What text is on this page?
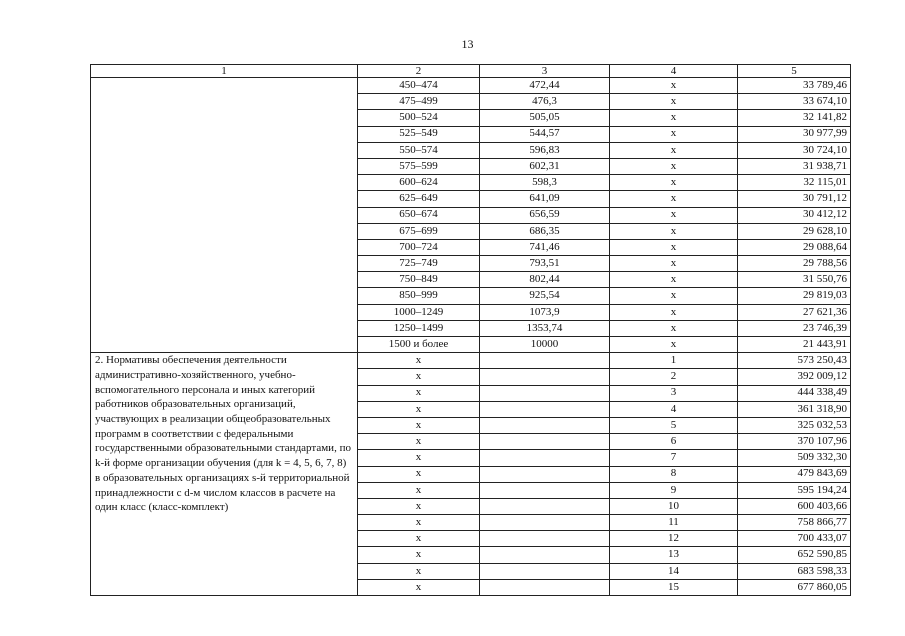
13
1	2	3	4	5
	450–474	472,44	x	33 789,46
	475–499	476,3	x	33 674,10
	500–524	505,05	x	32 141,82
	525–549	544,57	x	30 977,99
	550–574	596,83	x	30 724,10
	575–599	602,31	x	31 938,71
	600–624	598,3	x	32 115,01
	625–649	641,09	x	30 791,12
	650–674	656,59	x	30 412,12
	675–699	686,35	x	29 628,10
	700–724	741,46	x	29 088,64
	725–749	793,51	x	29 788,56
	750–849	802,44	x	31 550,76
	850–999	925,54	x	29 819,03
	1000–1249	1073,9	x	27 621,36
	1250–1499	1353,74	x	23 746,39
	1500 и более	10000	x	21 443,91
2. Нормативы обеспечения деятельности административно-хозяйственного, учебно-вспомогательного персонала и иных категорий работников образовательных организаций, участвующих в реализации общеобразовательных программ в соответствии с федеральными государственными образовательными стандартами, по k-й форме организации обучения (для k = 4, 5, 6, 7, 8) в образовательных организациях s-й территориальной принадлежности с d-м числом классов в расчете на один класс (класс-комплект)	x		1	573 250,43
	x		2	392 009,12
	x		3	444 338,49
	x		4	361 318,90
	x		5	325 032,53
	x		6	370 107,96
	x		7	509 332,30
	x		8	479 843,69
	x		9	595 194,24
	x		10	600 403,66
	x		11	758 866,77
	x		12	700 433,07
	x		13	652 590,85
	x		14	683 598,33
	x		15	677 860,05
